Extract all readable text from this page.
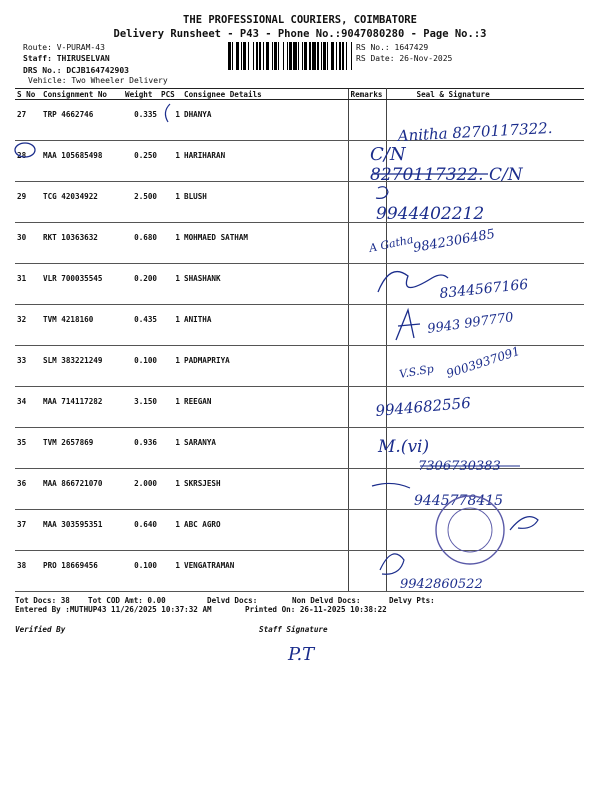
THE PROFESSIONAL COURIERS, COIMBATORE
Delivery Runsheet - P43 - Phone No.:9047080280 - Page No.:3
Route: V-PURAM-43
Staff: THIRUSELVAN
DRS No.: DCJB164742903
Vehicle: Two Wheeler Delivery
RS No.: 1647429
RS Date: 26-Nov-2025
S No	Consignment No	Weight	PCS	Consignee Details	Remarks	Seal & Signature
27	TRP 4662746	0.335	1	DHANYA		
28	MAA 105685498	0.250	1	HARIHARAN		
29	TCG 42034922	2.500	1	BLUSH		
30	RKT 10363632	0.680	1	MOHMAED SATHAM		
31	VLR 700035545	0.200	1	SHASHANK		
32	TVM 4218160	0.435	1	ANITHA		
33	SLM 383221249	0.100	1	PADMAPRIYA		
34	MAA 714117282	3.150	1	REEGAN		
35	TVM 2657869	0.936	1	SARANYA		
36	MAA 866721070	2.000	1	SKRSJESH		
37	MAA 303595351	0.640	1	ABC AGRO		
38	PRO 18669456	0.100	1	VENGATRAMAN		
Tot Docs: 38 Tot COD Amt: 0.00	Delvd Docs:	Non Delvd Docs:	Delvy Pts:
Entered By :MUTHUP43 11/26/2025 10:37:32 AM	Printed On: 26-11-2025 10:38:22
Verified By	Staff Signature
Anitha 8270117322.
C/N
8270117322. C/N
9944402212
A Gatha
9842306485
8344567166
9943 997770
V.S.Sp 9003937091
9944682556
M.(vi)
7306730383
9445778415
9942860522
P.T
